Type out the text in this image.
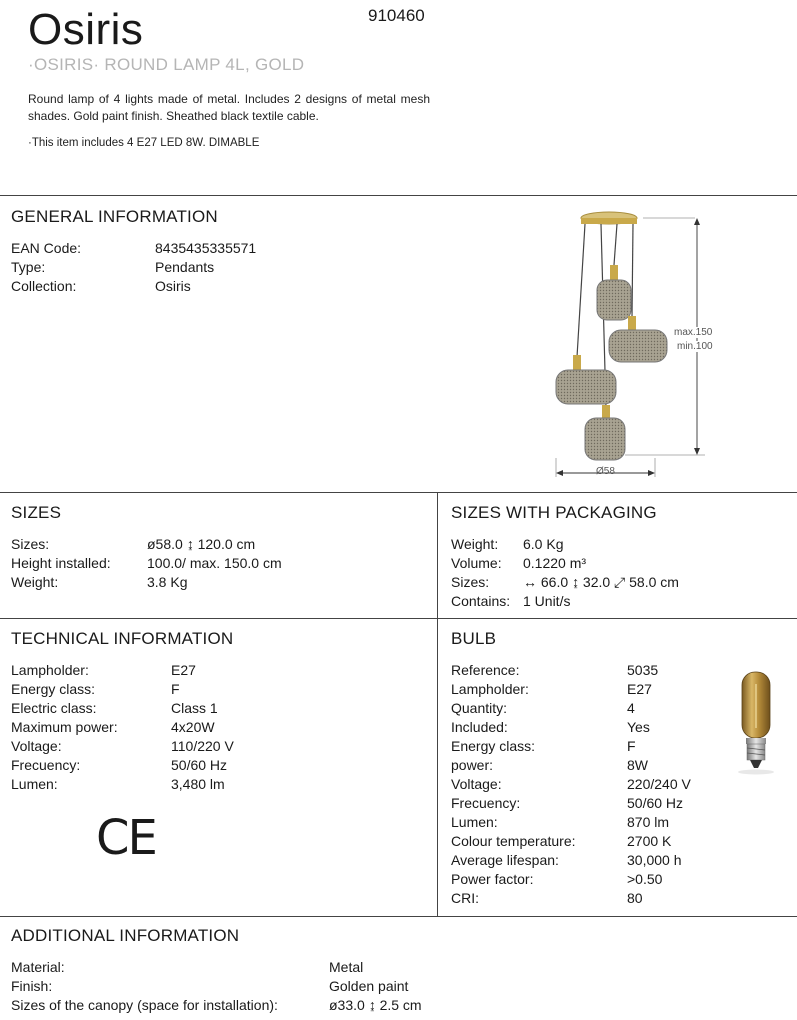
Osiris	910460
·OSIRIS· ROUND LAMP 4L, GOLD
Round lamp of 4 lights made of metal. Includes 2 designs of metal mesh shades. Gold paint finish. Sheathed black textile cable.
·This item includes 4 E27 LED 8W. DIMABLE
GENERAL INFORMATION
EAN Code:	8435435335571
Type:	Pendants
Collection:	Osiris
max.150
min.100
Ø58
SIZES
Sizes:	ø58.0 ↨ 120.0 cm
Height installed:	100.0/ max. 150.0 cm
Weight:	3.8 Kg
SIZES WITH PACKAGING
Weight: 6.0 Kg
Volume: 0.1220 m³
Sizes: ↔ 66.0 ↨ 32.0 ⤢ 58.0 cm
Contains: 1 Unit/s
TECHNICAL INFORMATION
Lampholder:	E27
Energy class:	F
Electric class:	Class 1
Maximum power:	4x20W
Voltage:	110/220 V
Frecuency:	50/60 Hz
Lumen:	3,480 lm
CE
BULB
Reference:	5035
Lampholder:	E27
Quantity:	4
Included:	Yes
Energy class:	F
power:	8W
Voltage:	220/240 V
Frecuency:	50/60 Hz
Lumen:	870 lm
Colour temperature:	2700 K
Average lifespan:	30,000 h
Power factor:	>0.50
CRI:	80
ADDITIONAL INFORMATION
Material:	Metal
Finish:	Golden paint
Sizes of the canopy (space for installation):	ø33.0 ↨ 2.5 cm
